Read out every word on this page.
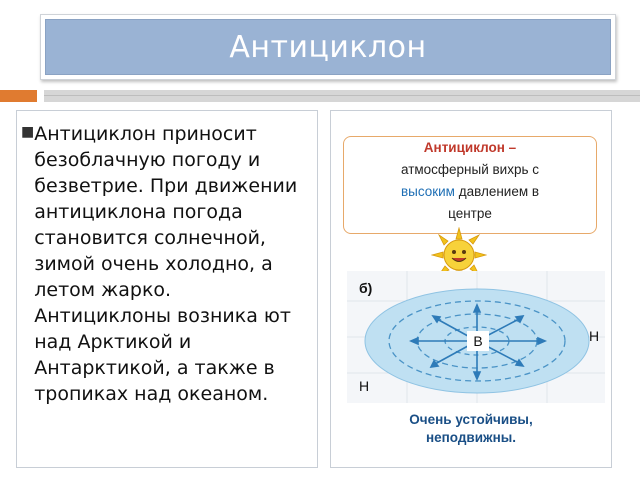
Антициклон
■ Антициклон приносит безоблачную погоду и безветрие. При движении антициклона погода становится солнечной, зимой очень холодно, а летом жарко. Антициклоны возника ют над Арктикой и Антарктикой, а также в тропиках над океаном.
Антициклон –
атмосферный вихрь с
высоким давлением в
центре
В
б)
Н
Н
Очень устойчивы,
неподвижны.
